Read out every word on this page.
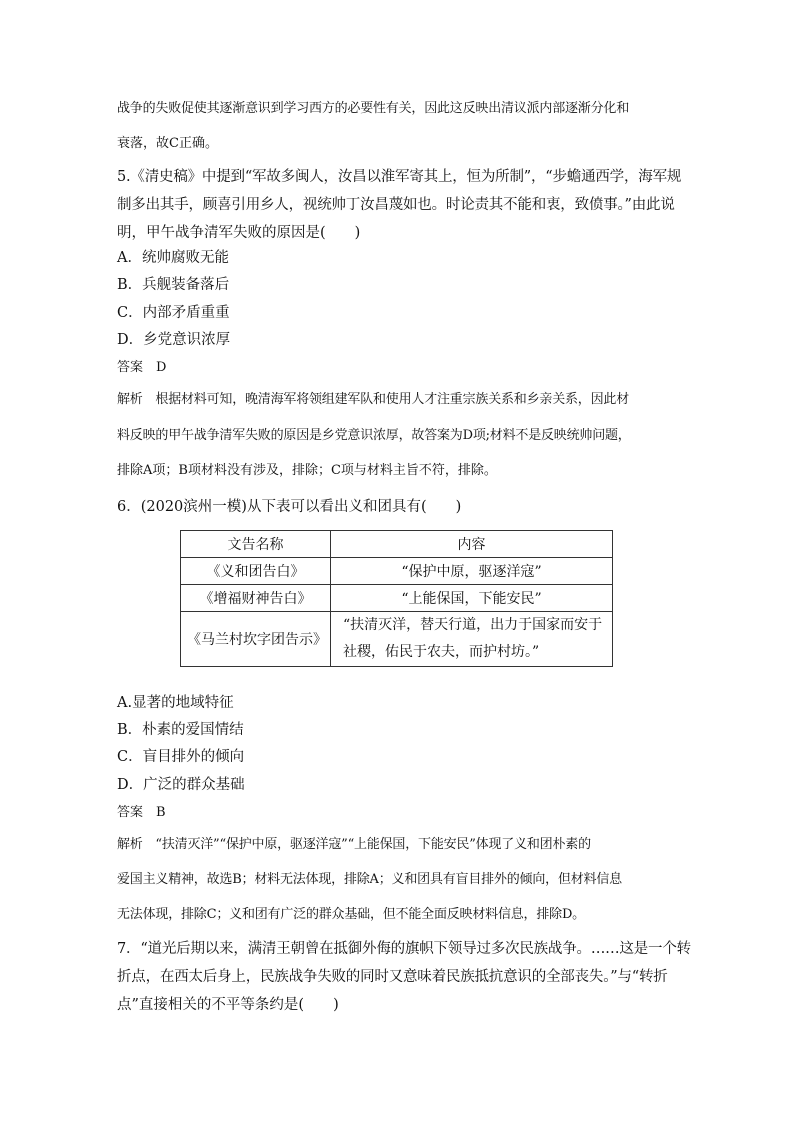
战争的失败促使其逐渐意识到学习西方的必要性有关，因此这反映出清议派内部逐渐分化和
衰落，故C正确。
5.《清史稿》中提到“军故多闽人，汝昌以淮军寄其上，恒为所制”，“步蟾通西学，海军规
制多出其手，顾喜引用乡人，视统帅丁汝昌蔑如也。时论责其不能和衷，致偾事。”由此说
明，甲午战争清军失败的原因是(　　)
A．统帅腐败无能
B．兵舰装备落后
C．内部矛盾重重
D．乡党意识浓厚
答案　D
解析　根据材料可知，晚清海军将领组建军队和使用人才注重宗族关系和乡亲关系，因此材
料反映的甲午战争清军失败的原因是乡党意识浓厚，故答案为D项;材料不是反映统帅问题，
排除A项；B项材料没有涉及，排除；C项与材料主旨不符，排除。
6．(2020滨州一模)从下表可以看出义和团具有(　　)
文告名称	内容
《义和团告白》	“保护中原，驱逐洋寇”
《增福财神告白》	“上能保国，下能安民”
《马兰村坎字团告示》	“扶清灭洋，替天行道，出力于国家而安于
社稷，佑民于农夫，而护村坊。”
A.显著的地域特征
B．朴素的爱国情结
C．盲目排外的倾向
D．广泛的群众基础
答案　B
解析　“扶清灭洋”“保护中原，驱逐洋寇”“上能保国，下能安民”体现了义和团朴素的
爱国主义精神，故选B；材料无法体现，排除A；义和团具有盲目排外的倾向，但材料信息
无法体现，排除C；义和团有广泛的群众基础，但不能全面反映材料信息，排除D。
7．“道光后期以来，满清王朝曾在抵御外侮的旗帜下领导过多次民族战争。……这是一个转
折点，在西太后身上，民族战争失败的同时又意味着民族抵抗意识的全部丧失。”与“转折
点”直接相关的不平等条约是(　　)
